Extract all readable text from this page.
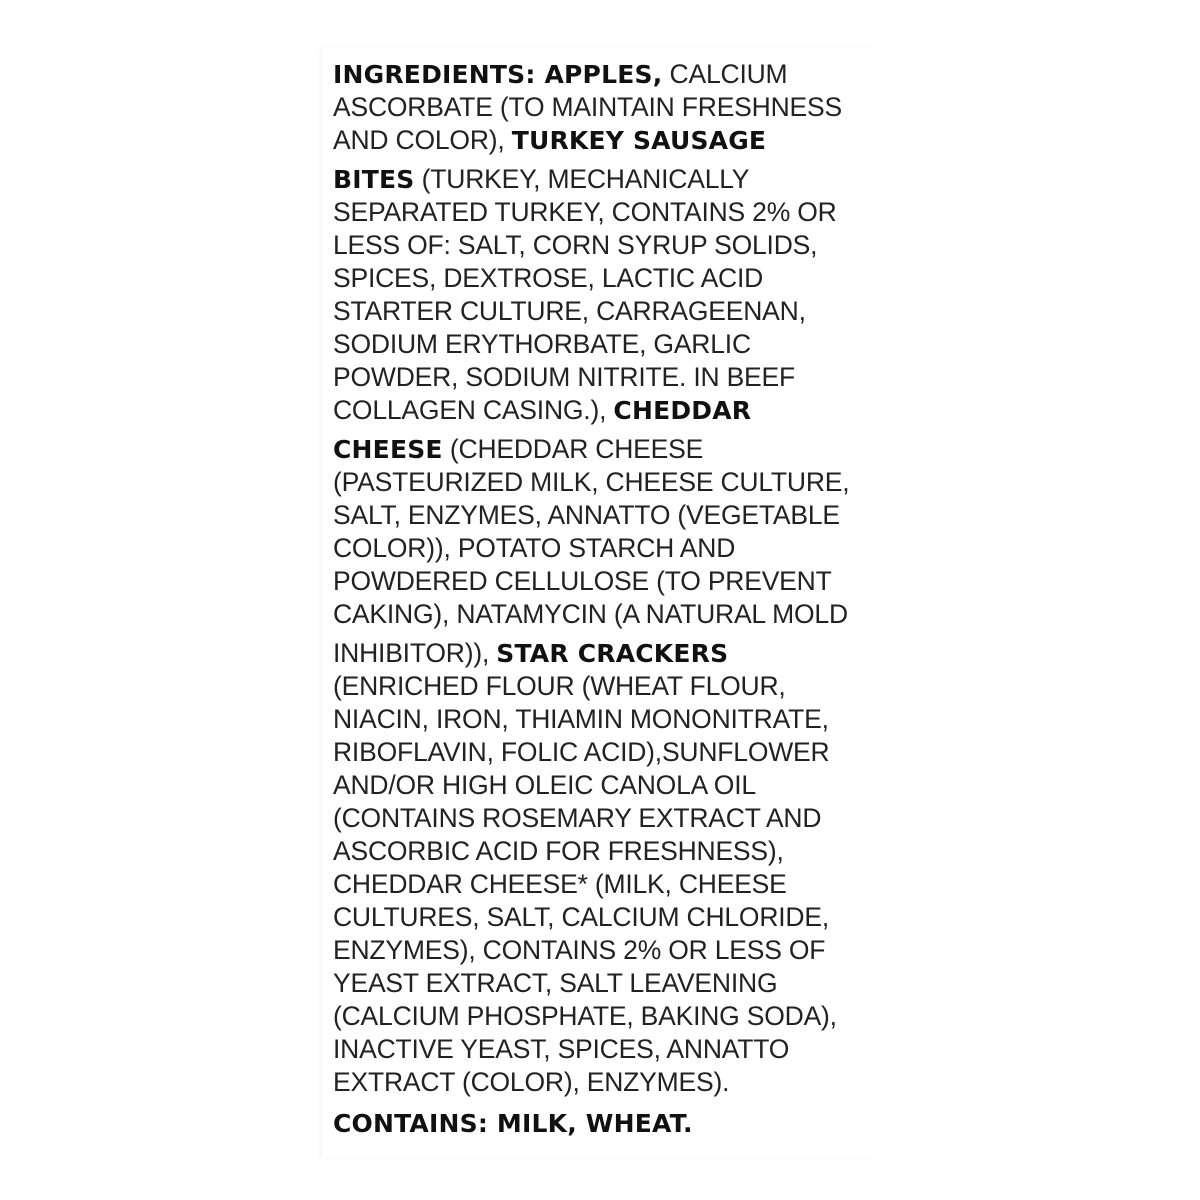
INGREDIENTS: APPLES, CALCIUM
ASCORBATE (TO MAINTAIN FRESHNESS
AND COLOR), TURKEY SAUSAGE
BITES (TURKEY, MECHANICALLY
SEPARATED TURKEY, CONTAINS 2% OR
LESS OF: SALT, CORN SYRUP SOLIDS,
SPICES, DEXTROSE, LACTIC ACID
STARTER CULTURE, CARRAGEENAN,
SODIUM ERYTHORBATE, GARLIC
POWDER, SODIUM NITRITE. IN BEEF
COLLAGEN CASING.), CHEDDAR
CHEESE (CHEDDAR CHEESE
(PASTEURIZED MILK, CHEESE CULTURE,
SALT, ENZYMES, ANNATTO (VEGETABLE
COLOR)), POTATO STARCH AND
POWDERED CELLULOSE (TO PREVENT
CAKING), NATAMYCIN (A NATURAL MOLD
INHIBITOR)), STAR CRACKERS
(ENRICHED FLOUR (WHEAT FLOUR,
NIACIN, IRON, THIAMIN MONONITRATE,
RIBOFLAVIN, FOLIC ACID),SUNFLOWER
AND/OR HIGH OLEIC CANOLA OIL
(CONTAINS ROSEMARY EXTRACT AND
ASCORBIC ACID FOR FRESHNESS),
CHEDDAR CHEESE* (MILK, CHEESE
CULTURES, SALT, CALCIUM CHLORIDE,
ENZYMES), CONTAINS 2% OR LESS OF
YEAST EXTRACT, SALT LEAVENING
(CALCIUM PHOSPHATE, BAKING SODA),
INACTIVE YEAST, SPICES, ANNATTO
EXTRACT (COLOR), ENZYMES).
CONTAINS: MILK, WHEAT.
